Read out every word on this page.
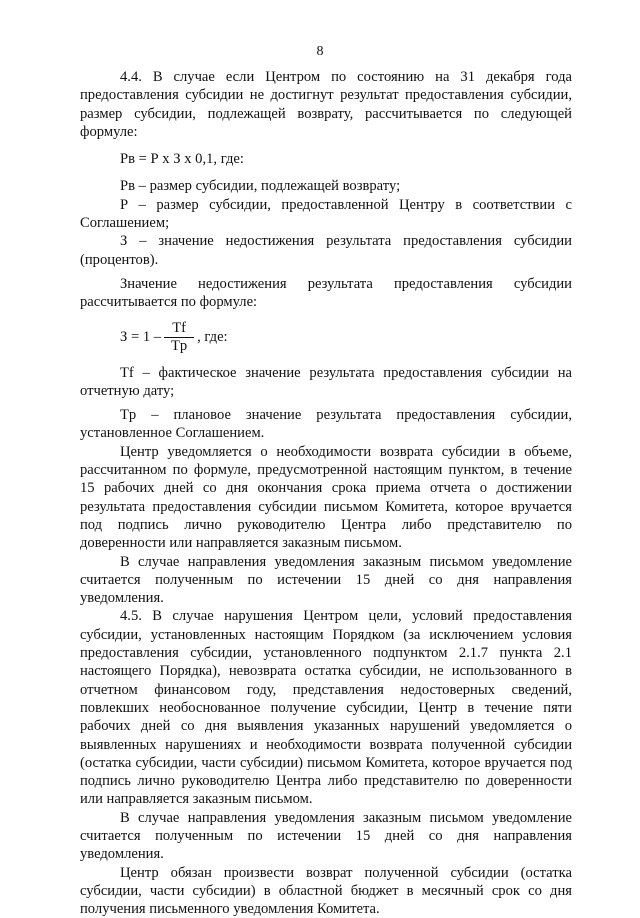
8

4.4. В случае если Центром по состоянию на 31 декабря года предоставления субсидии не достигнут результат предоставления субсидии, размер субсидии, подлежащей возврату, рассчитывается по следующей формуле:

Рв = Р х З х 0,1, где:

Рв – размер субсидии, подлежащей возврату;

Р – размер субсидии, предоставленной Центру в соответствии с Соглашением;

З – значение недостижения результата предоставления субсидии (процентов).

Значение недостижения результата предоставления субсидии рассчитывается по формуле:

$З = 1 - \frac{Tf}{Tp}$ , где:

Tf – фактическое значение результата предоставления субсидии на отчетную дату;

Tp – плановое значение результата предоставления субсидии, установленное Соглашением.

Центр уведомляется о необходимости возврата субсидии в объеме, рассчитанном по формуле, предусмотренной настоящим пунктом, в течение 15 рабочих дней со дня окончания срока приема отчета о достижении результата предоставления субсидии письмом Комитета, которое вручается под подпись лично руководителю Центра либо представителю по доверенности или направляется заказным письмом.

В случае направления уведомления заказным письмом уведомление считается полученным по истечении 15 дней со дня направления уведомления.

4.5. В случае нарушения Центром цели, условий предоставления субсидии, установленных настоящим Порядком (за исключением условия предоставления субсидии, установленного подпунктом 2.1.7 пункта 2.1 настоящего Порядка), невозврата остатка субсидии, не использованного в отчетном финансовом году, представления недостоверных сведений, повлекших необоснованное получение субсидии, Центр в течение пяти рабочих дней со дня выявления указанных нарушений уведомляется о выявленных нарушениях и необходимости возврата полученной субсидии (остатка субсидии, части субсидии) письмом Комитета, которое вручается под подпись лично руководителю Центра либо представителю по доверенности или направляется заказным письмом.

В случае направления уведомления заказным письмом уведомление считается полученным по истечении 15 дней со дня направления уведомления.

Центр обязан произвести возврат полученной субсидии (остатка субсидии, части субсидии) в областной бюджет в месячный срок со дня получения письменного уведомления Комитета.
